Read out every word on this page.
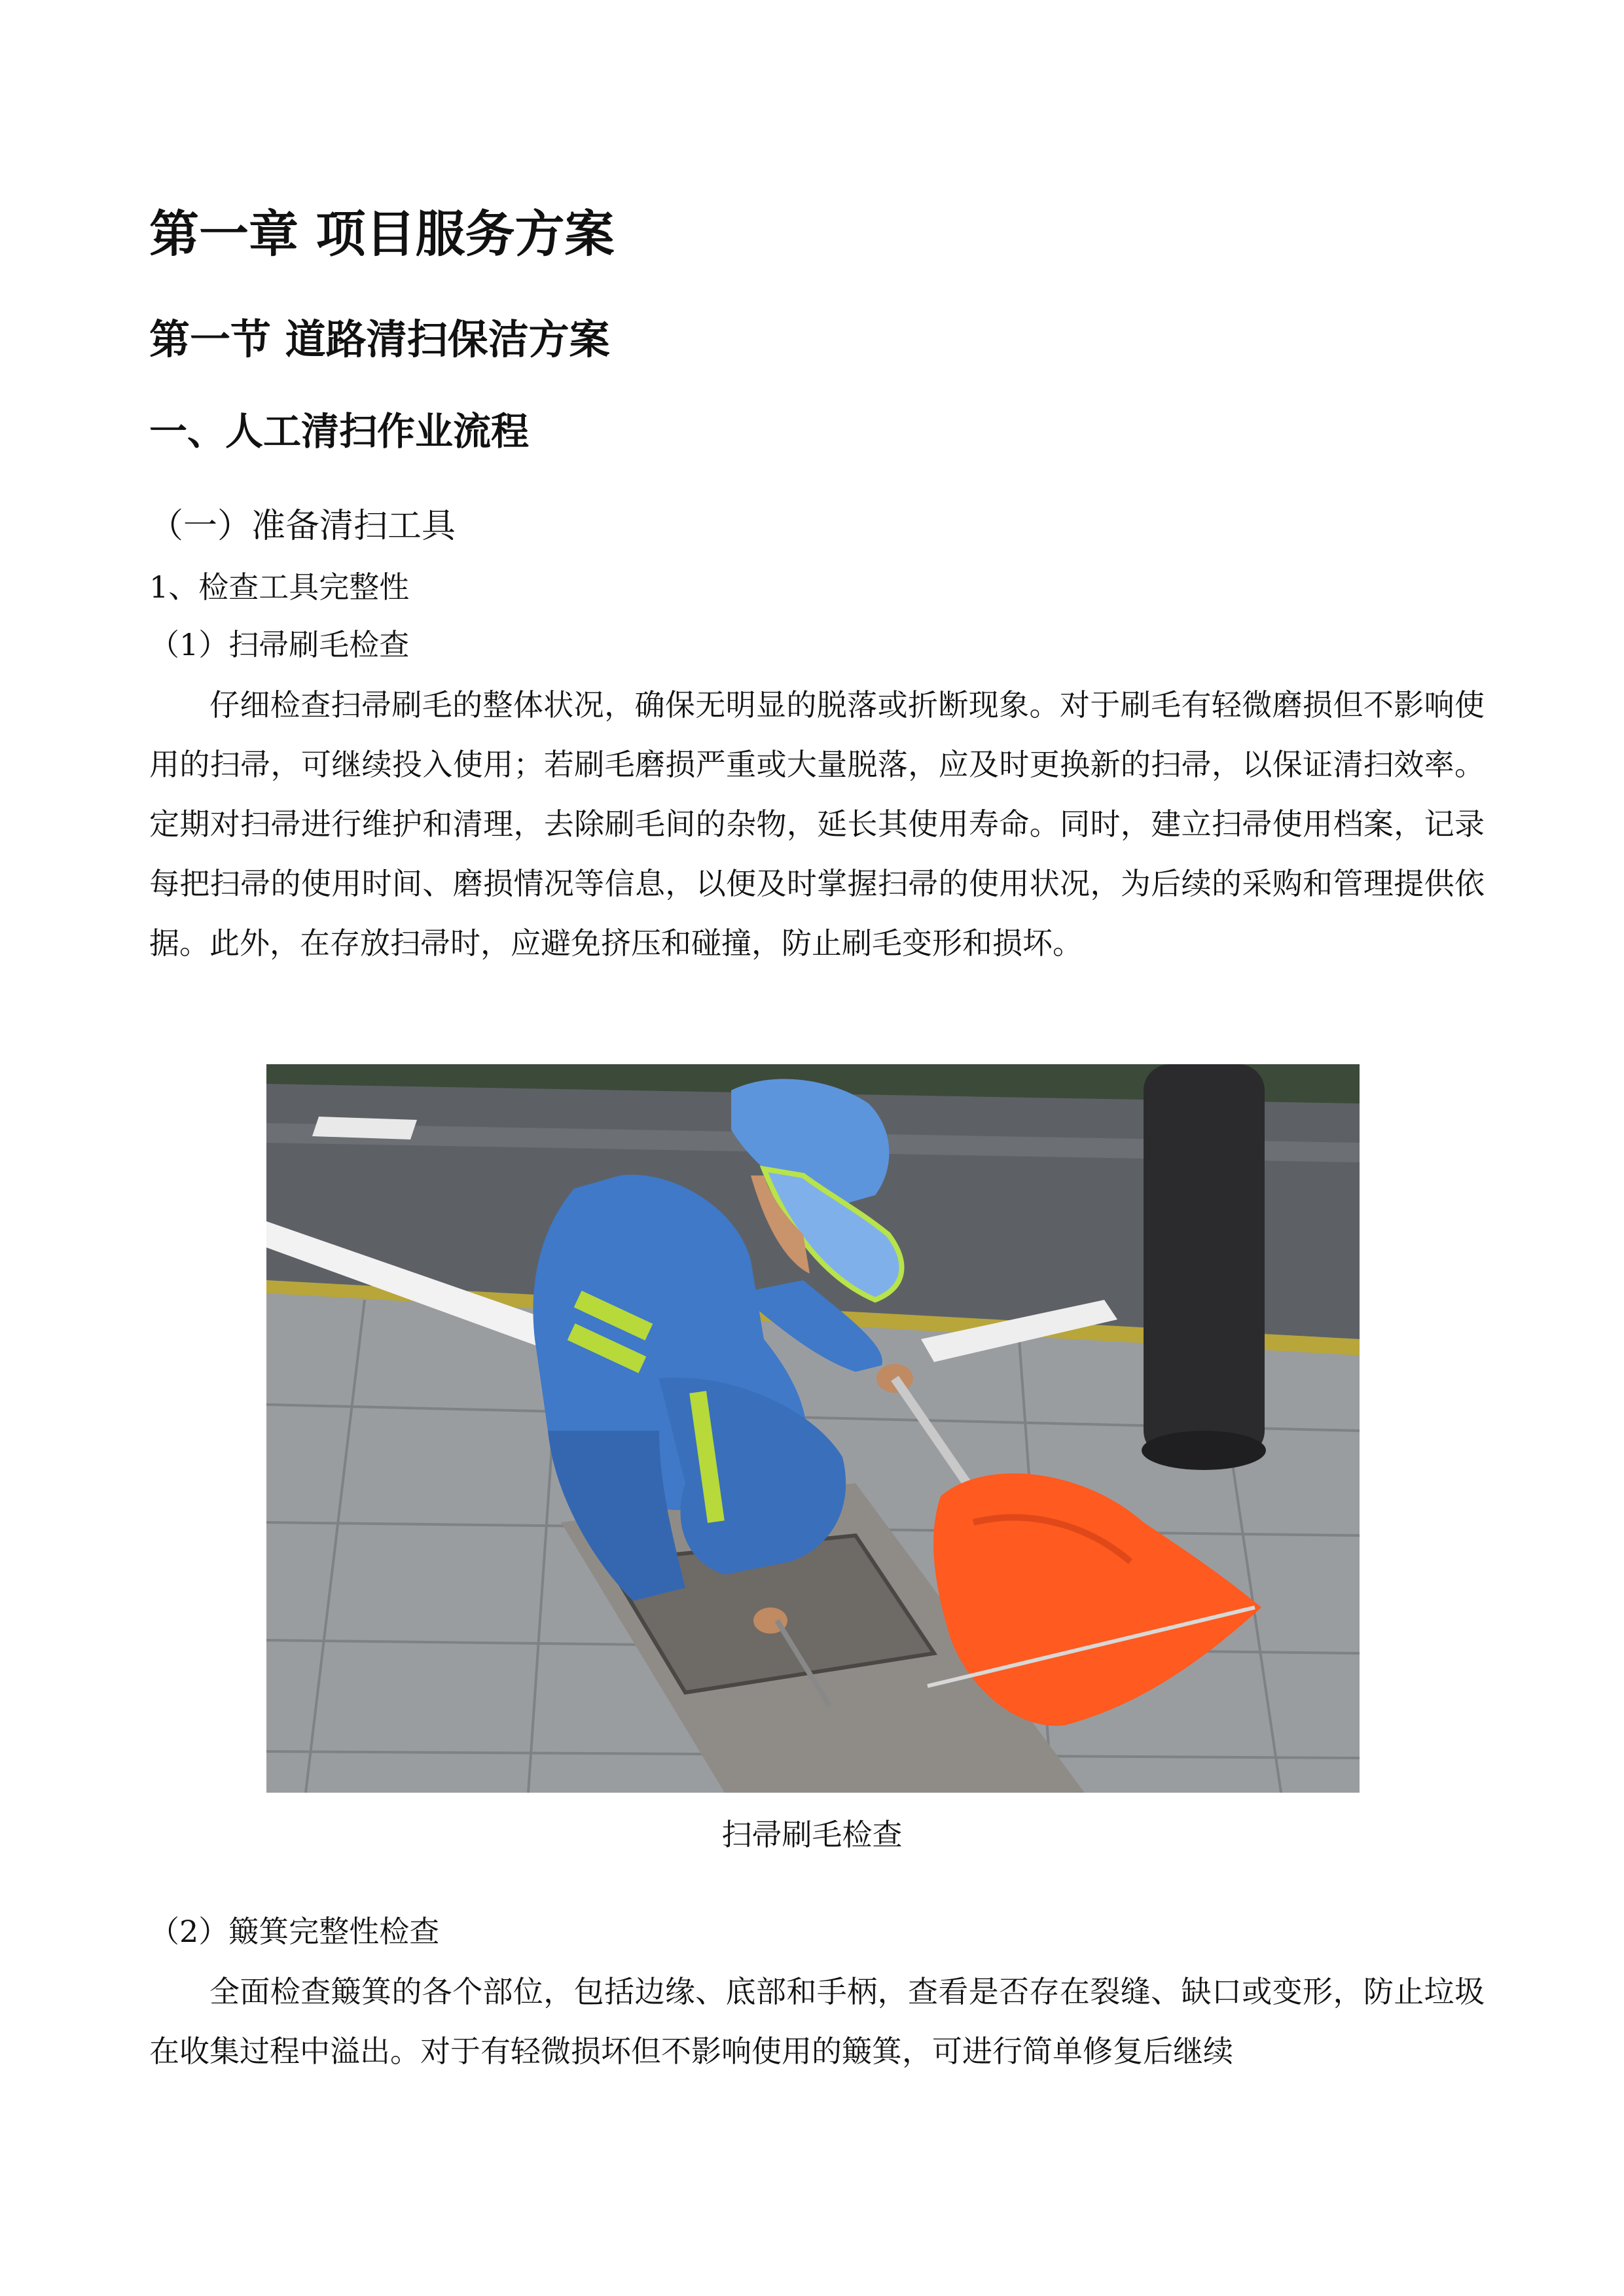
第一章 项目服务方案
第一节 道路清扫保洁方案
一、人工清扫作业流程
（一）准备清扫工具
1、检查工具完整性
（1）扫帚刷毛检查

仔细检查扫帚刷毛的整体状况，确保无明显的脱落或折断现象。对于刷毛有轻微磨损但不影响使用的扫帚，可继续投入使用；若刷毛磨损严重或大量脱落，应及时更换新的扫帚，以保证清扫效率。定期对扫帚进行维护和清理，去除刷毛间的杂物，延长其使用寿命。同时，建立扫帚使用档案，记录每把扫帚的使用时间、磨损情况等信息，以便及时掌握扫帚的使用状况，为后续的采购和管理提供依据。此外，在存放扫帚时，应避免挤压和碰撞，防止刷毛变形和损坏。

扫帚刷毛检查
（2）簸箕完整性检查

全面检查簸箕的各个部位，包括边缘、底部和手柄，查看是否存在裂缝、缺口或变形，防止垃圾在收集过程中溢出。对于有轻微损坏但不影响使用的簸箕，可进行简单修复后继续
